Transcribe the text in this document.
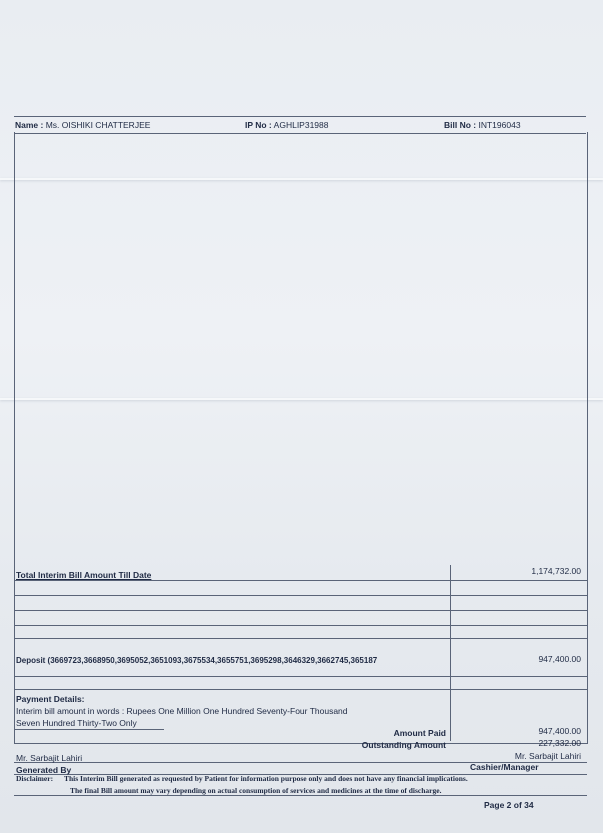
Name : Ms. OISHIKI CHATTERJEE	IP No : AGHLIP31988	Bill No : INT196043
Total Interim Bill Amount Till Date	1,174,732.00
Deposit (3669723,3668950,3695052,3651093,3675534,3655751,3695298,3646329,3662745,365187	947,400.00
Payment Details:
Interim bill amount in words : Rupees One Million One Hundred Seventy-Four Thousand
Seven Hundred Thirty-Two Only
Amount Paid	947,400.00
Outstanding Amount	227,332.00
Mr. Sarbajit Lahiri
Generated By
Mr. Sarbajit Lahiri
Cashier/Manager
Disclaimer: This Interim Bill generated as requested by Patient for information purpose only and does not have any financial implications.
The final Bill amount may vary depending on actual consumption of services and medicines at the time of discharge.
Page 2 of 34
